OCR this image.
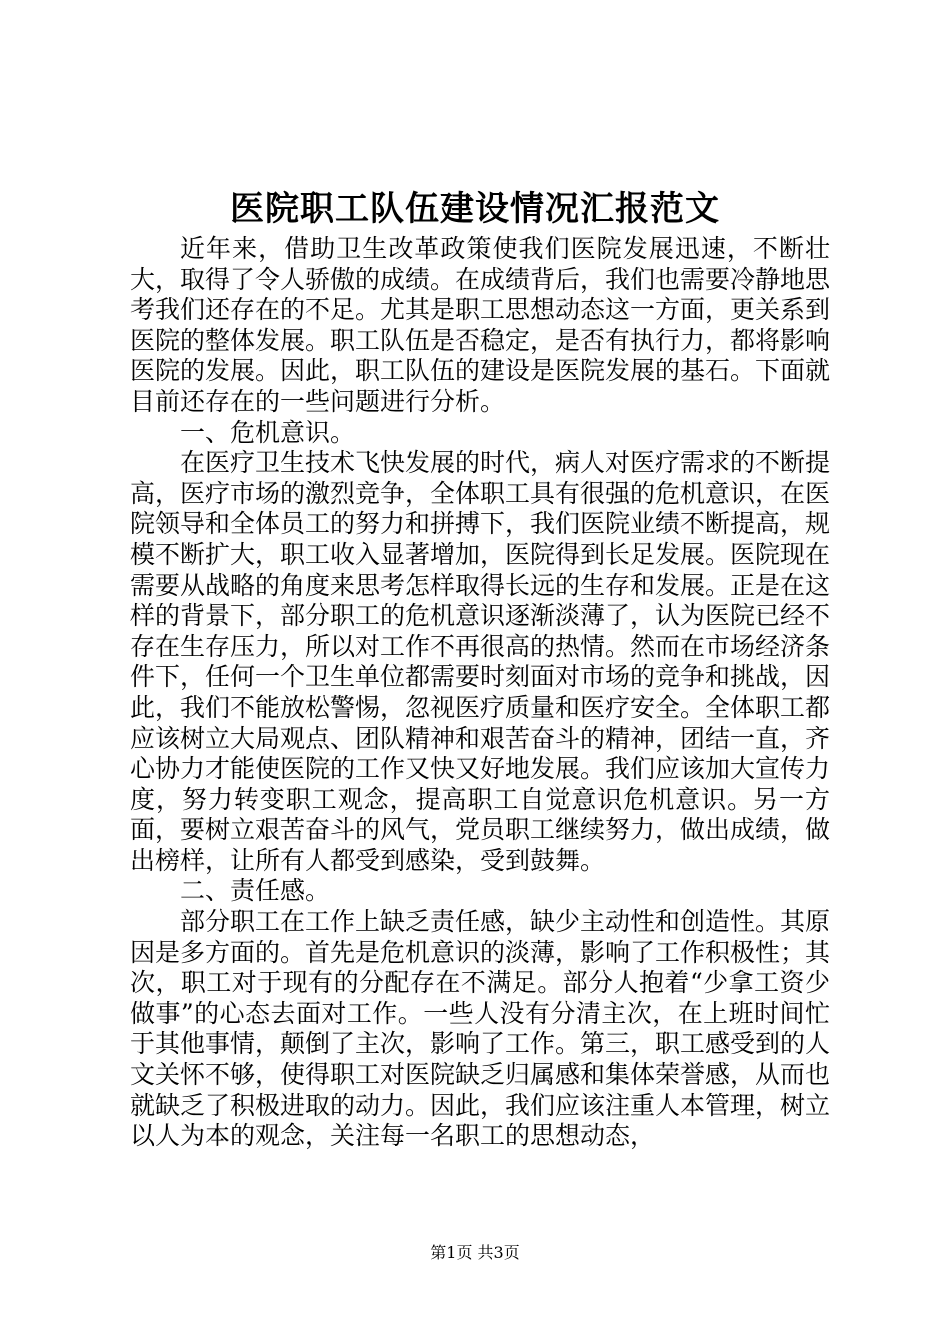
医院职工队伍建设情况汇报范文

近年来，借助卫生改革政策使我们医院发展迅速，不断壮大，取得了令人骄傲的成绩。在成绩背后，我们也需要冷静地思考我们还存在的不足。尤其是职工思想动态这一方面，更关系到医院的整体发展。职工队伍是否稳定，是否有执行力，都将影响医院的发展。因此，职工队伍的建设是医院发展的基石。下面就目前还存在的一些问题进行分析。

一、危机意识。

在医疗卫生技术飞快发展的时代，病人对医疗需求的不断提高，医疗市场的激烈竞争，全体职工具有很强的危机意识，在医院领导和全体员工的努力和拼搏下，我们医院业绩不断提高，规模不断扩大，职工收入显著增加，医院得到长足发展。医院现在需要从战略的角度来思考怎样取得长远的生存和发展。正是在这样的背景下，部分职工的危机意识逐渐淡薄了，认为医院已经不存在生存压力，所以对工作不再很高的热情。然而在市场经济条件下，任何一个卫生单位都需要时刻面对市场的竞争和挑战，因此，我们不能放松警惕，忽视医疗质量和医疗安全。全体职工都应该树立大局观点、团队精神和艰苦奋斗的精神，团结一直，齐心协力才能使医院的工作又快又好地发展。我们应该加大宣传力度，努力转变职工观念，提高职工自觉意识危机意识。另一方面，要树立艰苦奋斗的风气，党员职工继续努力，做出成绩，做出榜样，让所有人都受到感染，受到鼓舞。

二、责任感。

部分职工在工作上缺乏责任感，缺少主动性和创造性。其原因是多方面的。首先是危机意识的淡薄，影响了工作积极性；其次，职工对于现有的分配存在不满足。部分人抱着“少拿工资少做事”的心态去面对工作。一些人没有分清主次，在上班时间忙于其他事情，颠倒了主次，影响了工作。第三，职工感受到的人文关怀不够，使得职工对医院缺乏归属感和集体荣誉感，从而也就缺乏了积极进取的动力。因此，我们应该注重人本管理，树立以人为本的观念，关注每一名职工的思想动态，

第1页 共3页
